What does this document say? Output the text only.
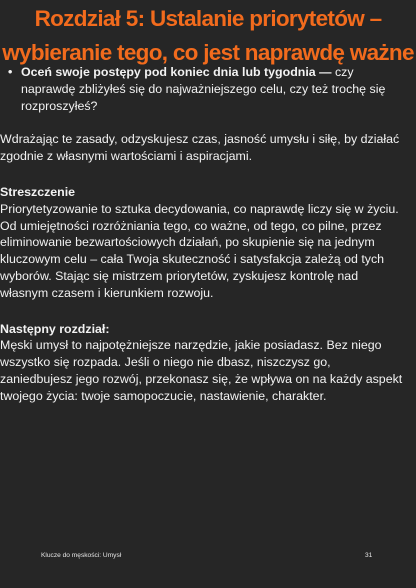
Rozdział 5: Ustalanie priorytetów –
wybieranie tego, co jest naprawdę ważne
• Oceń swoje postępy pod koniec dnia lub tygodnia — czy naprawdę zbliżyłeś się do najważniejszego celu, czy też trochę się rozproszyłeś?

Wdrażając te zasady, odzyskujesz czas, jasność umysłu i siłę, by działać zgodnie z własnymi wartościami i aspiracjami.

Streszczenie

Priorytetyzowanie to sztuka decydowania, co naprawdę liczy się w życiu. Od umiejętności rozróżniania tego, co ważne, od tego, co pilne, przez eliminowanie bezwartościowych działań, po skupienie się na jednym kluczowym celu – cała Twoja skuteczność i satysfakcja zależą od tych wyborów. Stając się mistrzem priorytetów, zyskujesz kontrolę nad własnym czasem i kierunkiem rozwoju.

Następny rozdział:

Męski umysł to najpotężniejsze narzędzie, jakie posiadasz. Bez niego wszystko się rozpada. Jeśli o niego nie dbasz, niszczysz go, zaniedbujesz jego rozwój, przekonasz się, że wpływa on na każdy aspekt twojego życia: twoje samopoczucie, nastawienie, charakter.

Klucze do męskości: Umysł	31
